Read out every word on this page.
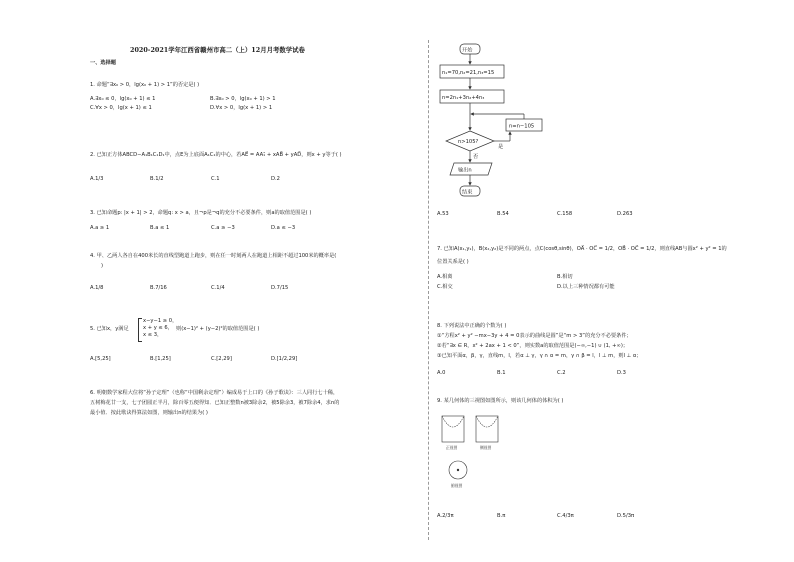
2020-2021学年江西省赣州市高二（上）12月月考数学试卷
一、选择题
1. 命题“∃x₀ > 0，lg(x₀ + 1) > 1”的否定是( )
A.∃x₀ ≤ 0，lg(x₀ + 1) ≤ 1	B.∃x₀ > 0，lg(x₀ + 1) > 1
C.∀x > 0，lg(x + 1) ≤ 1	D.∀x > 0，lg(x + 1) > 1
2. 已知正方体ABCD−A₁B₁C₁D₁中，点E为上底面A₁C₁的中心，若AE⃗ = AA₁⃗ + xAB⃗ + yAD⃗，则x + y等于( )
A.1/3	B.1/2	C.1	D.2
3. 已知命题p: |x + 1| > 2，命题q: x > a，且¬p是¬q的充分不必要条件，则a的取值范围是( )
A.a ≥ 1	B.a ≤ 1	C.a ≥ −3	D.a ≤ −3
4. 甲、乙两人各自在400米长的直线型跑道上跑步，则在任一时刻两人在跑道上相距不超过100米的概率是(
)
A.1/8	B.7/16	C.1/4	D.7/15
5. 已知x，y满足
x−y−1 ≥ 0，
x + y ≤ 6，
x ≤ 3，
则(x−1)² + (y−2)²的取值范围是( )
A.[5,25]	B.[1,25]	C.[2,29]	D.[1/2,29]
6. 明朝数学家程大位将“孙子定理”（也称“中国剩余定理”）编成易于上口的《孙子歌诀》：三人同行七十稀，
五树梅花廿一支，七子团圆正半月，除百零五便得知．已知正整数n被3除余2，被5除余3，被7除余4，求n的
最小值．按此歌诀得算法如图，则输出n的结果为( )
开始
n₁=70,n₂=21,n₃=15
n=2n₁+3n₂+4n₃
n>105?
是
否
n=n−105
输出n
结束
A.53	B.54	C.158	D.263
7. 已知A(x₁,y₁)，B(x₂,y₂)是不同的两点，点C(cosθ,sinθ)，OA⃗ · OC⃗ = 1/2，OB⃗ · OC⃗ = 1/2，则直线AB与圆x² + y² = 1的
位置关系是( )
A.相离	B.相切
C.相交	D.以上三种情况都有可能
8. 下列说法中正确的个数为( )
①“方程x² + y² −mx−3y + 4 = 0表示的曲线是圆”是“m > 3”的充分不必要条件；
②若“∃x ∈ R，x² + 2ax + 1 < 0”，则实数a的取值范围是(−∞,−1) ∪ (1, +∞)；
③已知平面α，β，γ，直线m，l，若α ⊥ γ，γ ∩ α = m，γ ∩ β = l，l ⊥ m，则l ⊥ α；
A.0	B.1	C.2	D.3
9. 某几何体的三视图如图所示，则该几何体的体积为( )
正视图	侧视图
俯视图
A.2/3π	B.π	C.4/3π	D.5/3π
